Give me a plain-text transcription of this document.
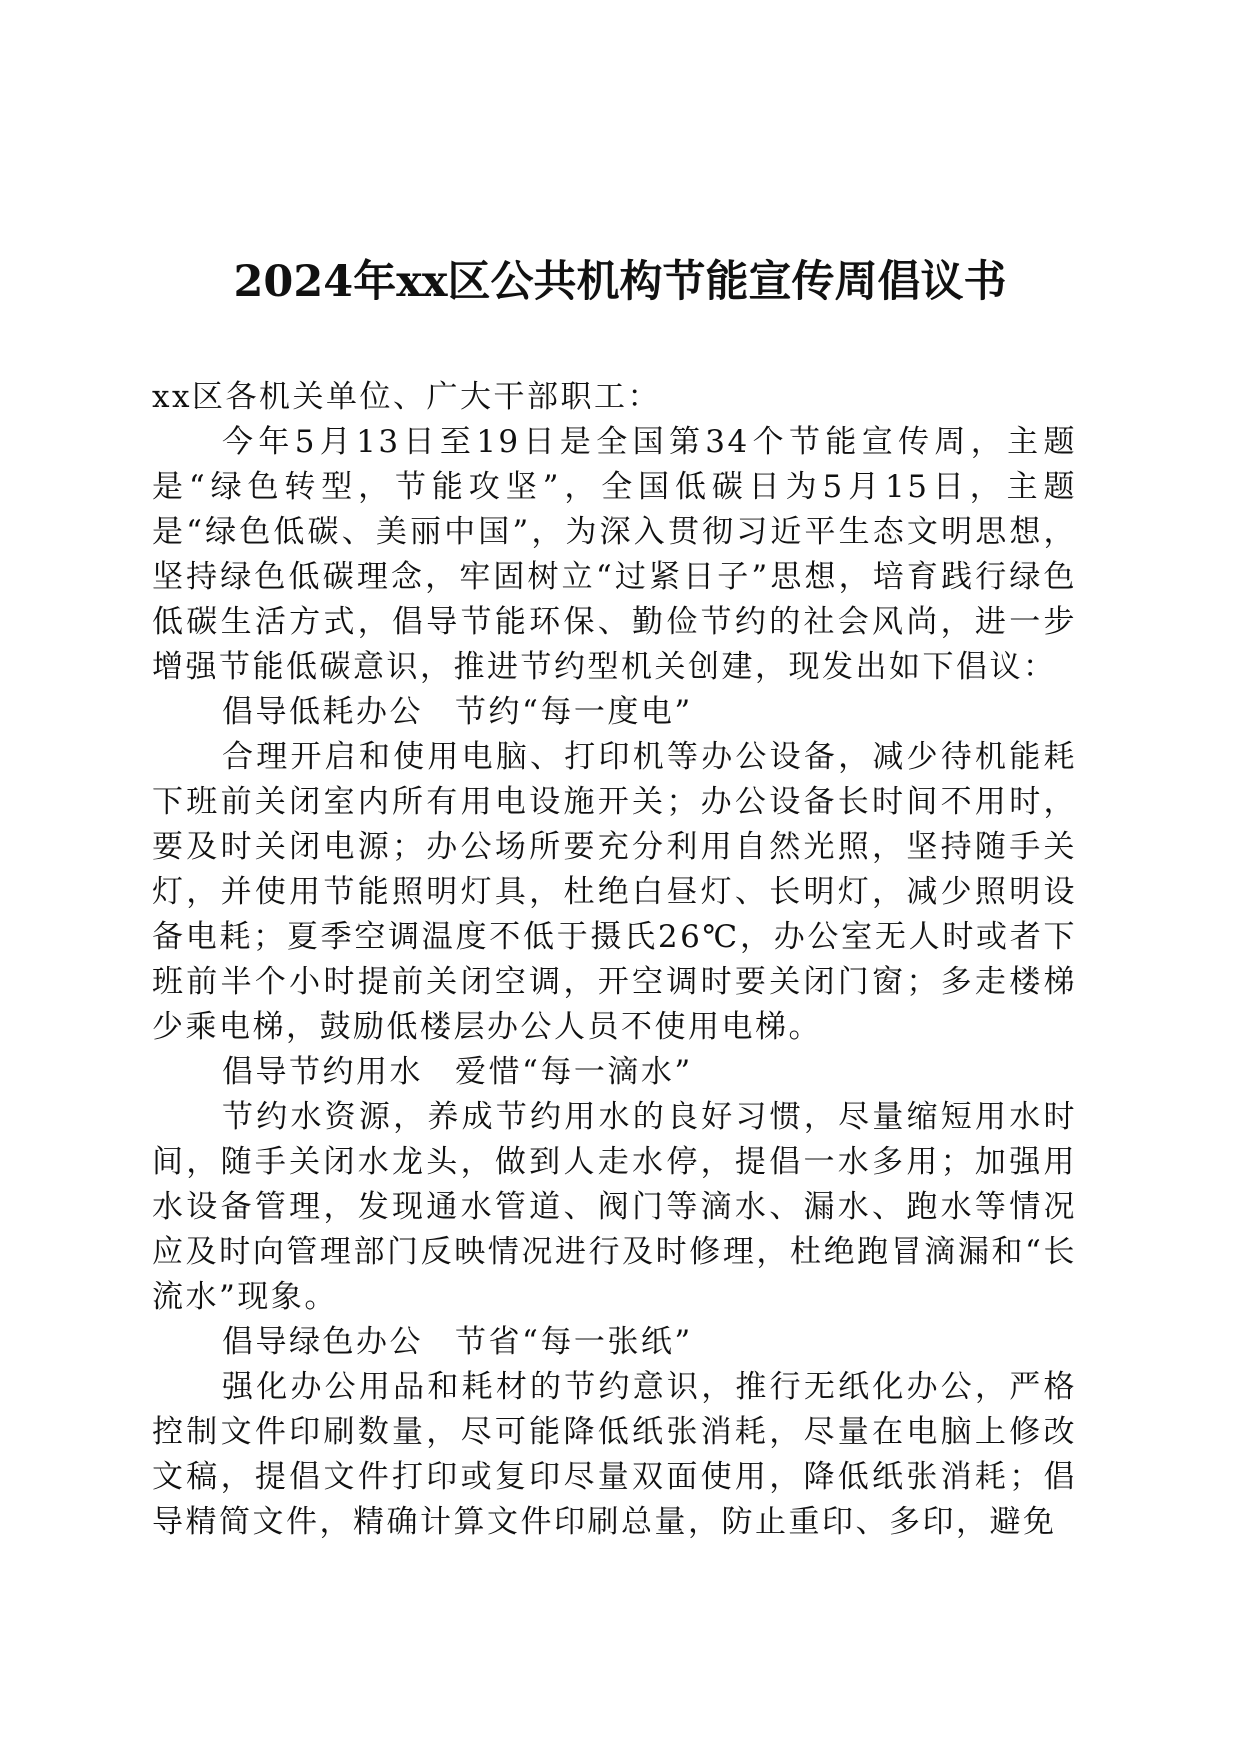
2024年xx区公共机构节能宣传周倡议书

xx区各机关单位、广大干部职工：

今年5月13日至19日是全国第34个节能宣传周，主题是“绿色转型，节能攻坚”，全国低碳日为5月15日，主题是“绿色低碳、美丽中国”，为深入贯彻习近平生态文明思想，坚持绿色低碳理念，牢固树立“过紧日子”思想，培育践行绿色低碳生活方式，倡导节能环保、勤俭节约的社会风尚，进一步增强节能低碳意识，推进节约型机关创建，现发出如下倡议：

倡导低耗办公 节约“每一度电”

合理开启和使用电脑、打印机等办公设备，减少待机能耗下班前关闭室内所有用电设施开关；办公设备长时间不用时，要及时关闭电源；办公场所要充分利用自然光照，坚持随手关灯，并使用节能照明灯具，杜绝白昼灯、长明灯，减少照明设备电耗；夏季空调温度不低于摄氏26℃，办公室无人时或者下班前半个小时提前关闭空调，开空调时要关闭门窗；多走楼梯少乘电梯，鼓励低楼层办公人员不使用电梯。

倡导节约用水 爱惜“每一滴水”

节约水资源，养成节约用水的良好习惯，尽量缩短用水时间，随手关闭水龙头，做到人走水停，提倡一水多用；加强用水设备管理，发现通水管道、阀门等滴水、漏水、跑水等情况应及时向管理部门反映情况进行及时修理，杜绝跑冒滴漏和“长流水”现象。

倡导绿色办公 节省“每一张纸”

强化办公用品和耗材的节约意识，推行无纸化办公，严格控制文件印刷数量，尽可能降低纸张消耗，尽量在电脑上修改文稿，提倡文件打印或复印尽量双面使用，降低纸张消耗；倡导精简文件，精确计算文件印刷总量，防止重印、多印，避免
